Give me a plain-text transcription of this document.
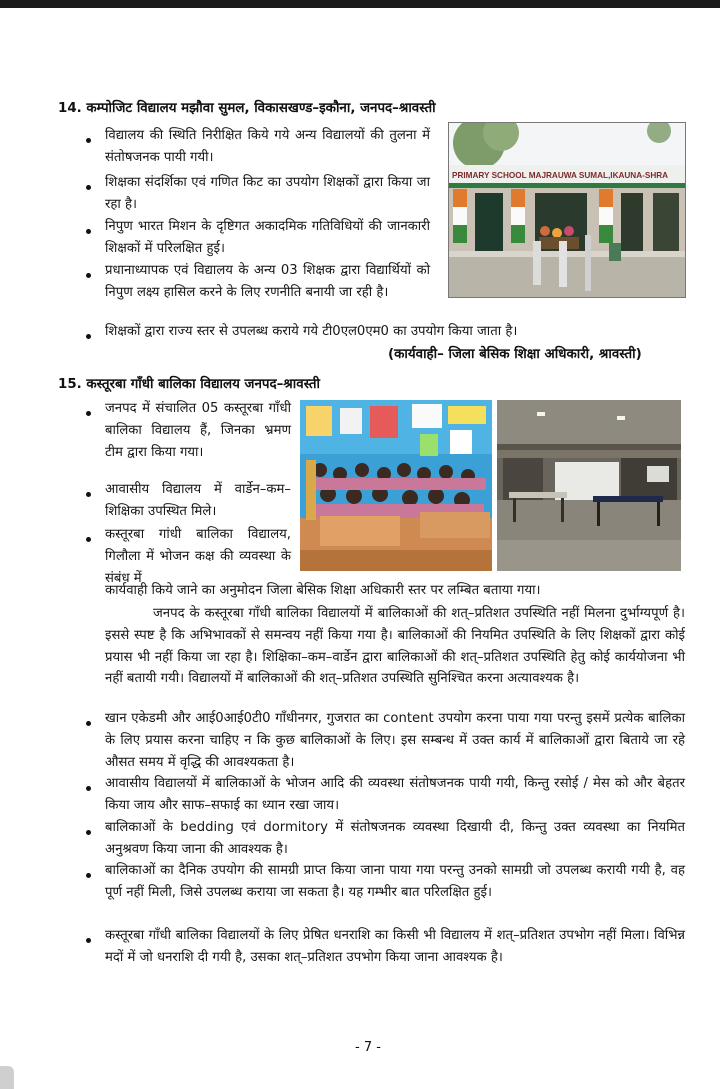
14. कम्पोजिट विद्यालय मझौवा सुमल, विकासखण्ड–इकौना, जनपद–श्रावस्ती
विद्यालय की स्थिति निरीक्षित किये गये अन्य विद्यालयों की तुलना में संतोषजनक पायी गयी।
शिक्षका संदर्शिका एवं गणित किट का उपयोग शिक्षकों द्वारा किया जा रहा है।
निपुण भारत मिशन के दृष्टिगत अकादमिक गतिविधियों की जानकारी शिक्षकों में परिलक्षित हुई।
प्रधानाध्यापक एवं विद्यालय के अन्य 03 शिक्षक द्वारा विद्यार्थियों को निपुण लक्ष्य हासिल करने के लिए रणनीति बनायी जा रही है।
शिक्षकों द्वारा राज्य स्तर से उपलब्ध कराये गये टी0एल0एम0 का उपयोग किया जाता है।
(कार्यवाही– जिला बेसिक शिक्षा अधिकारी, श्रावस्ती)
PRIMARY SCHOOL MAJRAUWA SUMAL,IKAUNA-SHRA
15. कस्तूरबा गाँधी बालिका विद्यालय जनपद–श्रावस्ती
जनपद में संचालित 05 कस्तूरबा गाँधी बालिका विद्यालय हैं, जिनका भ्रमण टीम द्वारा किया गया।
आवासीय विद्यालय में वार्डेन–कम–शिक्षिका उपस्थित मिले।
कस्तूरबा गांधी बालिका विद्यालय, गिलौला में भोजन कक्ष की व्यवस्था के संबंध में
कार्यवाही किये जाने का अनुमोदन जिला बेसिक शिक्षा अधिकारी स्तर पर लम्बित बताया गया।
जनपद के कस्तूरबा गाँधी बालिका विद्यालयों में बालिकाओं की शत्–प्रतिशत उपस्थिति नहीं मिलना दुर्भाग्यपूर्ण है। इससे स्पष्ट है कि अभिभावकों से समन्वय नहीं किया गया है। बालिकाओं की नियमित उपस्थिति के लिए शिक्षकों द्वारा कोई प्रयास भी नहीं किया जा रहा है। शिक्षिका–कम–वार्डेन द्वारा बालिकाओं की शत्–प्रतिशत उपस्थिति हेतु कोई कार्ययोजना भी नहीं बतायी गयी। विद्यालयों में बालिकाओं की शत्–प्रतिशत उपस्थिति सुनिश्चित करना अत्यावश्यक है।
खान एकेडमी और आई0आई0टी0 गाँधीनगर, गुजरात का content उपयोग करना पाया गया परन्तु इसमें प्रत्येक बालिका के लिए प्रयास करना चाहिए न कि कुछ बालिकाओं के लिए। इस सम्बन्ध में उक्त कार्य में बालिकाओं द्वारा बिताये जा रहे औसत समय में वृद्धि की आवश्यकता है।
आवासीय विद्यालयों में बालिकाओं के भोजन आदि की व्यवस्था संतोषजनक पायी गयी, किन्तु रसोई / मेस को और बेहतर किया जाय और साफ–सफाई का ध्यान रखा जाय।
बालिकाओं के bedding एवं dormitory में संतोषजनक व्यवस्था दिखायी दी, किन्तु उक्त व्यवस्था का नियमित अनुश्रवण किया जाना की आवश्यक है।
बालिकाओं का दैनिक उपयोग की सामग्री प्राप्त किया जाना पाया गया परन्तु उनको सामग्री जो उपलब्ध करायी गयी है, वह पूर्ण नहीं मिली, जिसे उपलब्ध कराया जा सकता है। यह गम्भीर बात परिलक्षित हुई।
कस्तूरबा गाँधी बालिका विद्यालयों के लिए प्रेषित धनराशि का किसी भी विद्यालय में शत्–प्रतिशत उपभोग नहीं मिला। विभिन्न मदों में जो धनराशि दी गयी है, उसका शत्–प्रतिशत उपभोग किया जाना आवश्यक है।
- 7 -
